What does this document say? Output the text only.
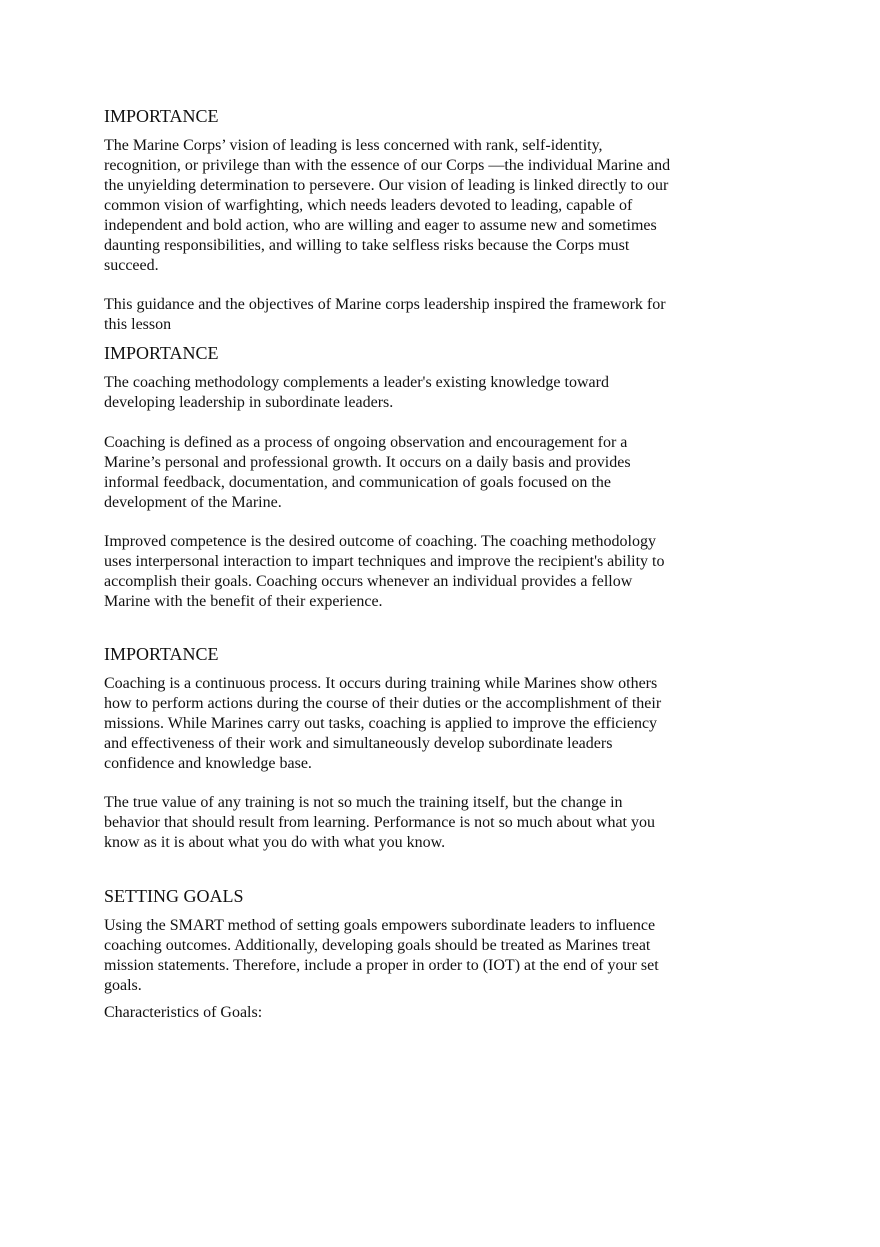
IMPORTANCE

The Marine Corps’ vision of leading is less concerned with rank, self-identity,
recognition, or privilege than with the essence of our Corps —the individual Marine and
the unyielding determination to persevere. Our vision of leading is linked directly to our
common vision of warfighting, which needs leaders devoted to leading, capable of
independent and bold action, who are willing and eager to assume new and sometimes
daunting responsibilities, and willing to take selfless risks because the Corps must
succeed.

This guidance and the objectives of Marine corps leadership inspired the framework for
this lesson

IMPORTANCE

The coaching methodology complements a leader's existing knowledge toward
developing leadership in subordinate leaders.

Coaching is defined as a process of ongoing observation and encouragement for a
Marine’s personal and professional growth. It occurs on a daily basis and provides
informal feedback, documentation, and communication of goals focused on the
development of the Marine.

Improved competence is the desired outcome of coaching. The coaching methodology
uses interpersonal interaction to impart techniques and improve the recipient's ability to
accomplish their goals. Coaching occurs whenever an individual provides a fellow
Marine with the benefit of their experience.

IMPORTANCE

Coaching is a continuous process. It occurs during training while Marines show others
how to perform actions during the course of their duties or the accomplishment of their
missions. While Marines carry out tasks, coaching is applied to improve the efficiency
and effectiveness of their work and simultaneously develop subordinate leaders
confidence and knowledge base.

The true value of any training is not so much the training itself, but the change in
behavior that should result from learning. Performance is not so much about what you
know as it is about what you do with what you know.

SETTING GOALS

Using the SMART method of setting goals empowers subordinate leaders to influence
coaching outcomes. Additionally, developing goals should be treated as Marines treat
mission statements. Therefore, include a proper in order to (IOT) at the end of your set
goals.

Characteristics of Goals:
